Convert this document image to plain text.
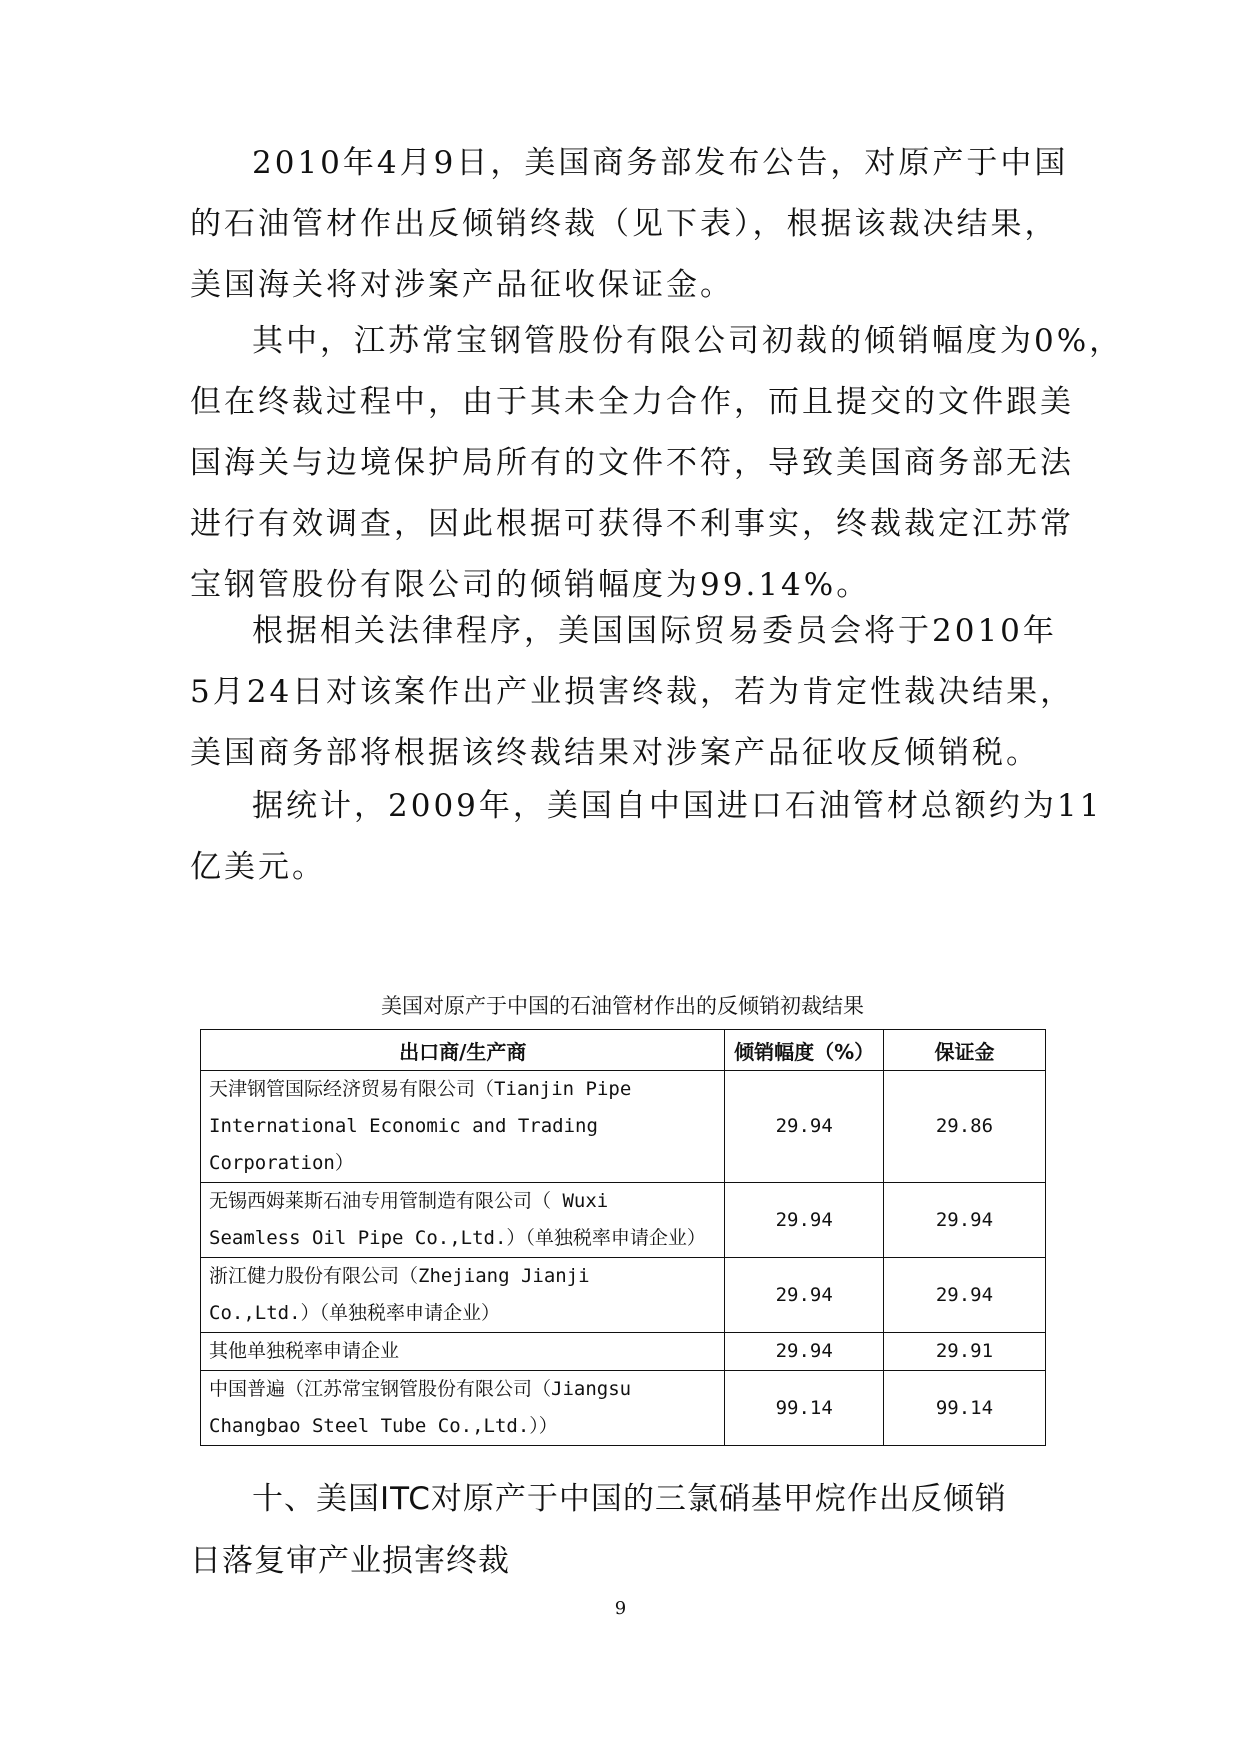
2010年4月9日，美国商务部发布公告，对原产于中国
的石油管材作出反倾销终裁（见下表），根据该裁决结果，
美国海关将对涉案产品征收保证金。

其中，江苏常宝钢管股份有限公司初裁的倾销幅度为0%，
但在终裁过程中，由于其未全力合作，而且提交的文件跟美
国海关与边境保护局所有的文件不符，导致美国商务部无法
进行有效调查，因此根据可获得不利事实，终裁裁定江苏常
宝钢管股份有限公司的倾销幅度为99.14%。

根据相关法律程序，美国国际贸易委员会将于2010年
5月24日对该案作出产业损害终裁，若为肯定性裁决结果，
美国商务部将根据该终裁结果对涉案产品征收反倾销税。

据统计，2009年，美国自中国进口石油管材总额约为11
亿美元。

美国对原产于中国的石油管材作出的反倾销初裁结果

出口商/生产商	倾销幅度（%）	保证金

天津钢管国际经济贸易有限公司（Tianjin Pipe
International Economic and Trading
Corporation）	29.94	29.86

无锡西姆莱斯石油专用管制造有限公司（ Wuxi
Seamless Oil Pipe Co.,Ltd.）（单独税率申请企业）	29.94	29.94

浙江健力股份有限公司（Zhejiang Jianji
Co.,Ltd.）（单独税率申请企业）	29.94	29.94

其他单独税率申请企业	29.94	29.91

中国普遍（江苏常宝钢管股份有限公司（Jiangsu
Changbao Steel Tube Co.,Ltd.））	99.14	99.14
十、美国ITC对原产于中国的三氯硝基甲烷作出反倾销
日落复审产业损害终裁
9
